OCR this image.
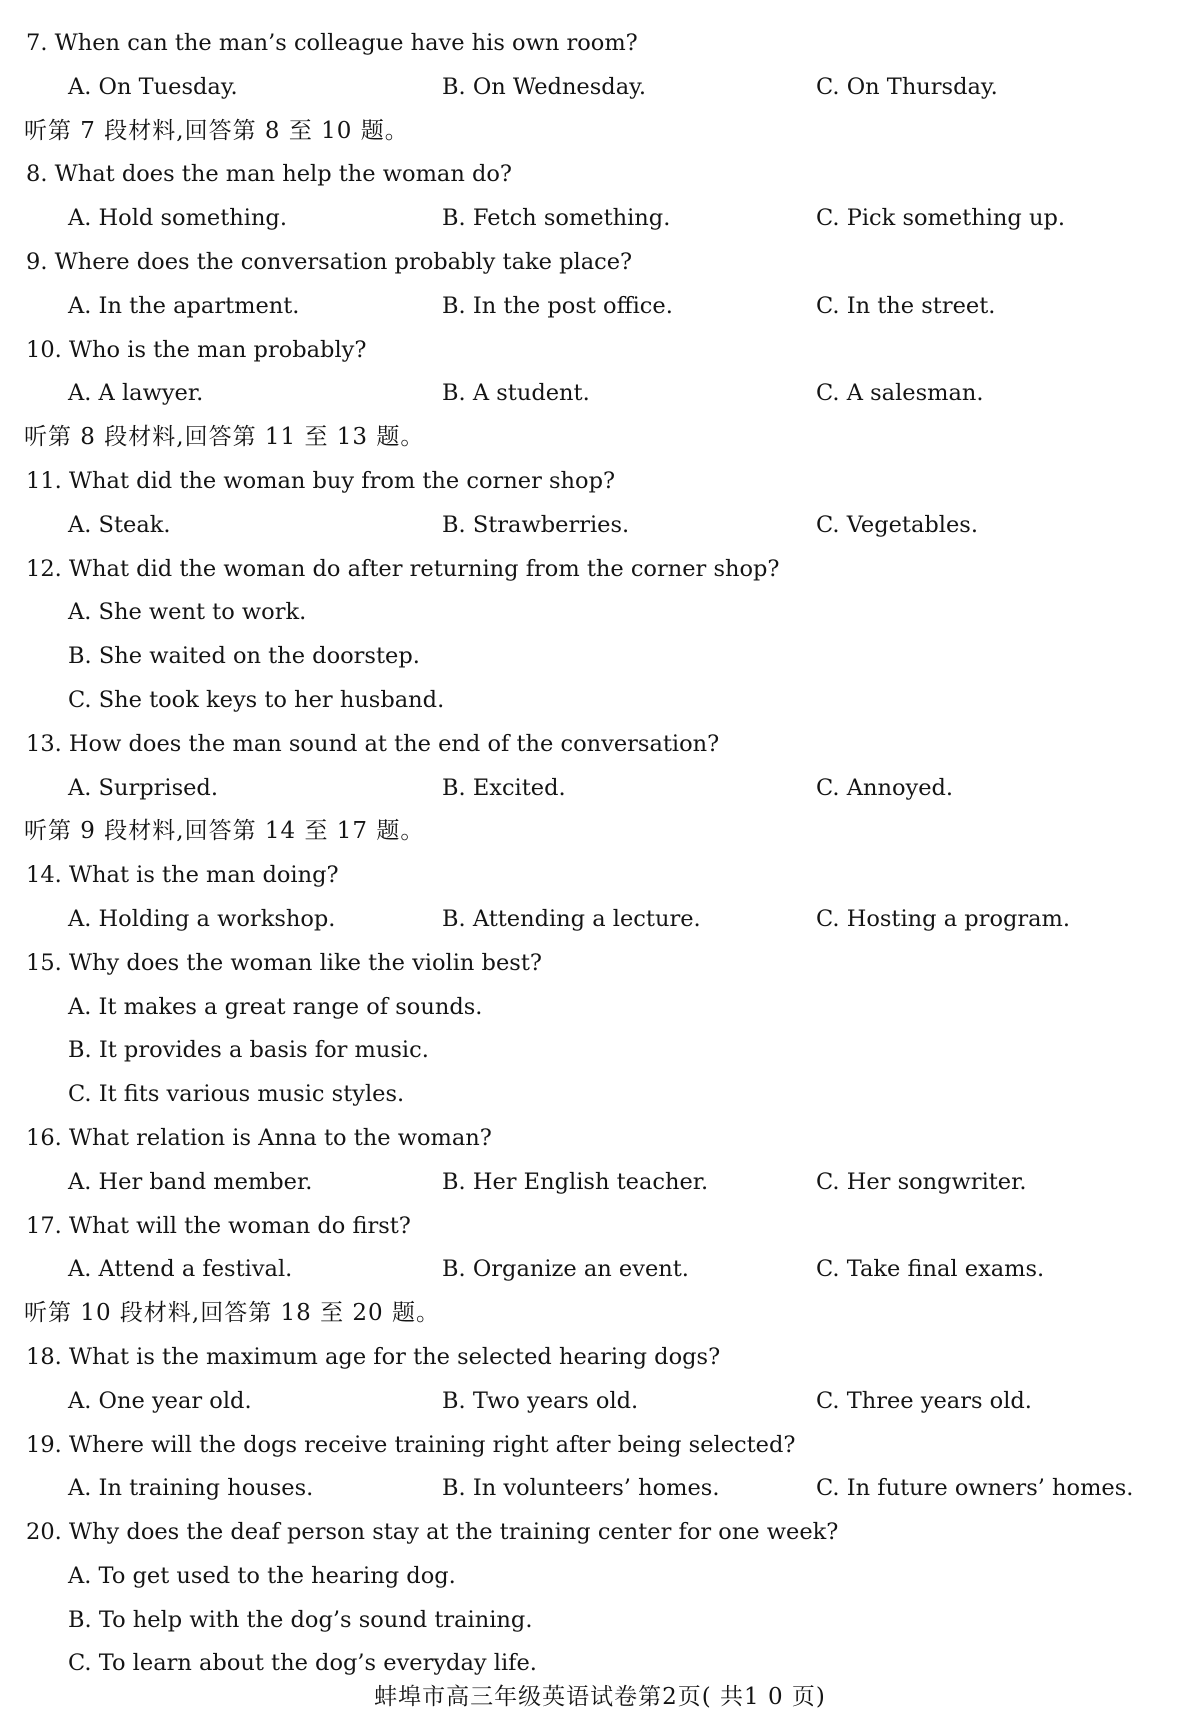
7. When can the man’s colleague have his own room?
A. On Tuesday.	B. On Wednesday.	C. On Thursday.
听第 7 段材料,回答第 8 至 10 题。
8. What does the man help the woman do?
A. Hold something.	B. Fetch something.	C. Pick something up.
9. Where does the conversation probably take place?
A. In the apartment.	B. In the post office.	C. In the street.
10. Who is the man probably?
A. A lawyer.	B. A student.	C. A salesman.
听第 8 段材料,回答第 11 至 13 题。
11. What did the woman buy from the corner shop?
A. Steak.	B. Strawberries.	C. Vegetables.
12. What did the woman do after returning from the corner shop?
A. She went to work.
B. She waited on the doorstep.
C. She took keys to her husband.
13. How does the man sound at the end of the conversation?
A. Surprised.	B. Excited.	C. Annoyed.
听第 9 段材料,回答第 14 至 17 题。
14. What is the man doing?
A. Holding a workshop.	B. Attending a lecture.	C. Hosting a program.
15. Why does the woman like the violin best?
A. It makes a great range of sounds.
B. It provides a basis for music.
C. It fits various music styles.
16. What relation is Anna to the woman?
A. Her band member.	B. Her English teacher.	C. Her songwriter.
17. What will the woman do first?
A. Attend a festival.	B. Organize an event.	C. Take final exams.
听第 10 段材料,回答第 18 至 20 题。
18. What is the maximum age for the selected hearing dogs?
A. One year old.	B. Two years old.	C. Three years old.
19. Where will the dogs receive training right after being selected?
A. In training houses.	B. In volunteers’ homes.	C. In future owners’ homes.
20. Why does the deaf person stay at the training center for one week?
A. To get used to the hearing dog.
B. To help with the dog’s sound training.
C. To learn about the dog’s everyday life.
蚌埠市高三年级英语试卷第2页( 共1 0 页)
